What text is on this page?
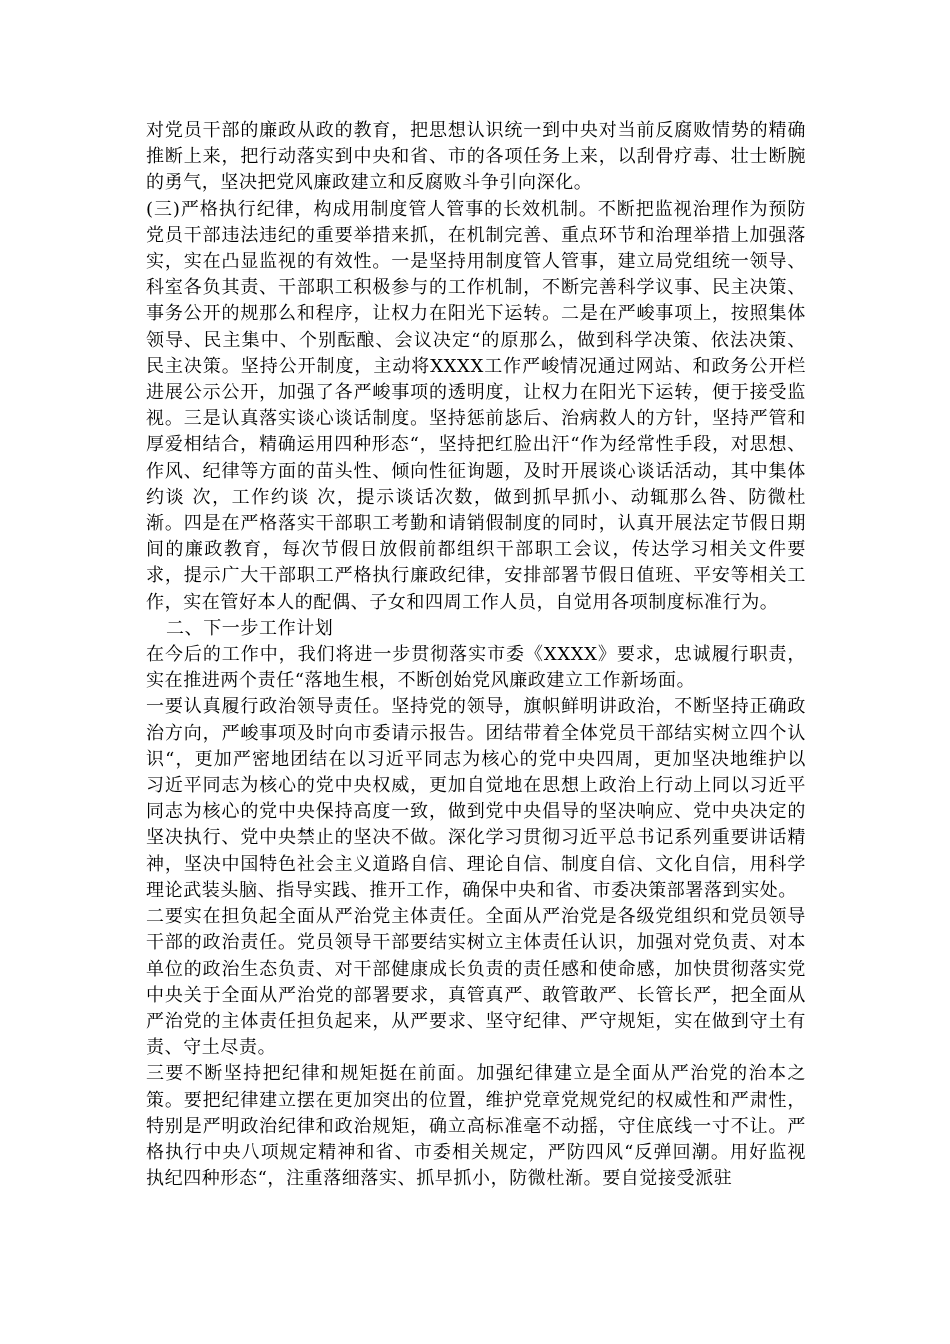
对党员干部的廉政从政的教育，把思想认识统一到中央对当前反腐败情势的精确推断上来，把行动落实到中央和省、市的各项任务上来，以刮骨疗毒、壮士断腕的勇气，坚决把党风廉政建立和反腐败斗争引向深化。

(三)严格执行纪律，构成用制度管人管事的长效机制。不断把监视治理作为预防党员干部违法违纪的重要举措来抓，在机制完善、重点环节和治理举措上加强落实，实在凸显监视的有效性。一是坚持用制度管人管事，建立局党组统一领导、科室各负其责、干部职工积极参与的工作机制，不断完善科学议事、民主决策、事务公开的规那么和程序，让权力在阳光下运转。二是在严峻事项上，按照集体领导、民主集中、个别酝酿、会议决定“的原那么，做到科学决策、依法决策、民主决策。坚持公开制度，主动将XXXX工作严峻情况通过网站、和政务公开栏进展公示公开，加强了各严峻事项的透明度，让权力在阳光下运转，便于接受监视。三是认真落实谈心谈话制度。坚持惩前毖后、治病救人的方针，坚持严管和厚爱相结合，精确运用四种形态“，坚持把红脸出汗“作为经常性手段，对思想、作风、纪律等方面的苗头性、倾向性征询题，及时开展谈心谈话活动，其中集体约谈 次，工作约谈 次，提示谈话次数，做到抓早抓小、动辄那么咎、防微杜渐。四是在严格落实干部职工考勤和请销假制度的同时，认真开展法定节假日期间的廉政教育，每次节假日放假前都组织干部职工会议，传达学习相关文件要求，提示广大干部职工严格执行廉政纪律，安排部署节假日值班、平安等相关工作，实在管好本人的配偶、子女和四周工作人员，自觉用各项制度标准行为。

二、下一步工作计划

在今后的工作中，我们将进一步贯彻落实市委《XXXX》要求，忠诚履行职责，实在推进两个责任“落地生根，不断创始党风廉政建立工作新场面。

一要认真履行政治领导责任。坚持党的领导，旗帜鲜明讲政治，不断坚持正确政治方向，严峻事项及时向市委请示报告。团结带着全体党员干部结实树立四个认识“，更加严密地团结在以习近平同志为核心的党中央四周，更加坚决地维护以习近平同志为核心的党中央权威，更加自觉地在思想上政治上行动上同以习近平同志为核心的党中央保持高度一致，做到党中央倡导的坚决响应、党中央决定的坚决执行、党中央禁止的坚决不做。深化学习贯彻习近平总书记系列重要讲话精神，坚决中国特色社会主义道路自信、理论自信、制度自信、文化自信，用科学理论武装头脑、指导实践、推开工作，确保中央和省、市委决策部署落到实处。

二要实在担负起全面从严治党主体责任。全面从严治党是各级党组织和党员领导干部的政治责任。党员领导干部要结实树立主体责任认识，加强对党负责、对本单位的政治生态负责、对干部健康成长负责的责任感和使命感，加快贯彻落实党中央关于全面从严治党的部署要求，真管真严、敢管敢严、长管长严，把全面从严治党的主体责任担负起来，从严要求、坚守纪律、严守规矩，实在做到守土有责、守土尽责。

三要不断坚持把纪律和规矩挺在前面。加强纪律建立是全面从严治党的治本之策。要把纪律建立摆在更加突出的位置，维护党章党规党纪的权威性和严肃性，特别是严明政治纪律和政治规矩，确立高标准毫不动摇，守住底线一寸不让。严格执行中央八项规定精神和省、市委相关规定，严防四风“反弹回潮。用好监视执纪四种形态“，注重落细落实、抓早抓小，防微杜渐。要自觉接受派驻
